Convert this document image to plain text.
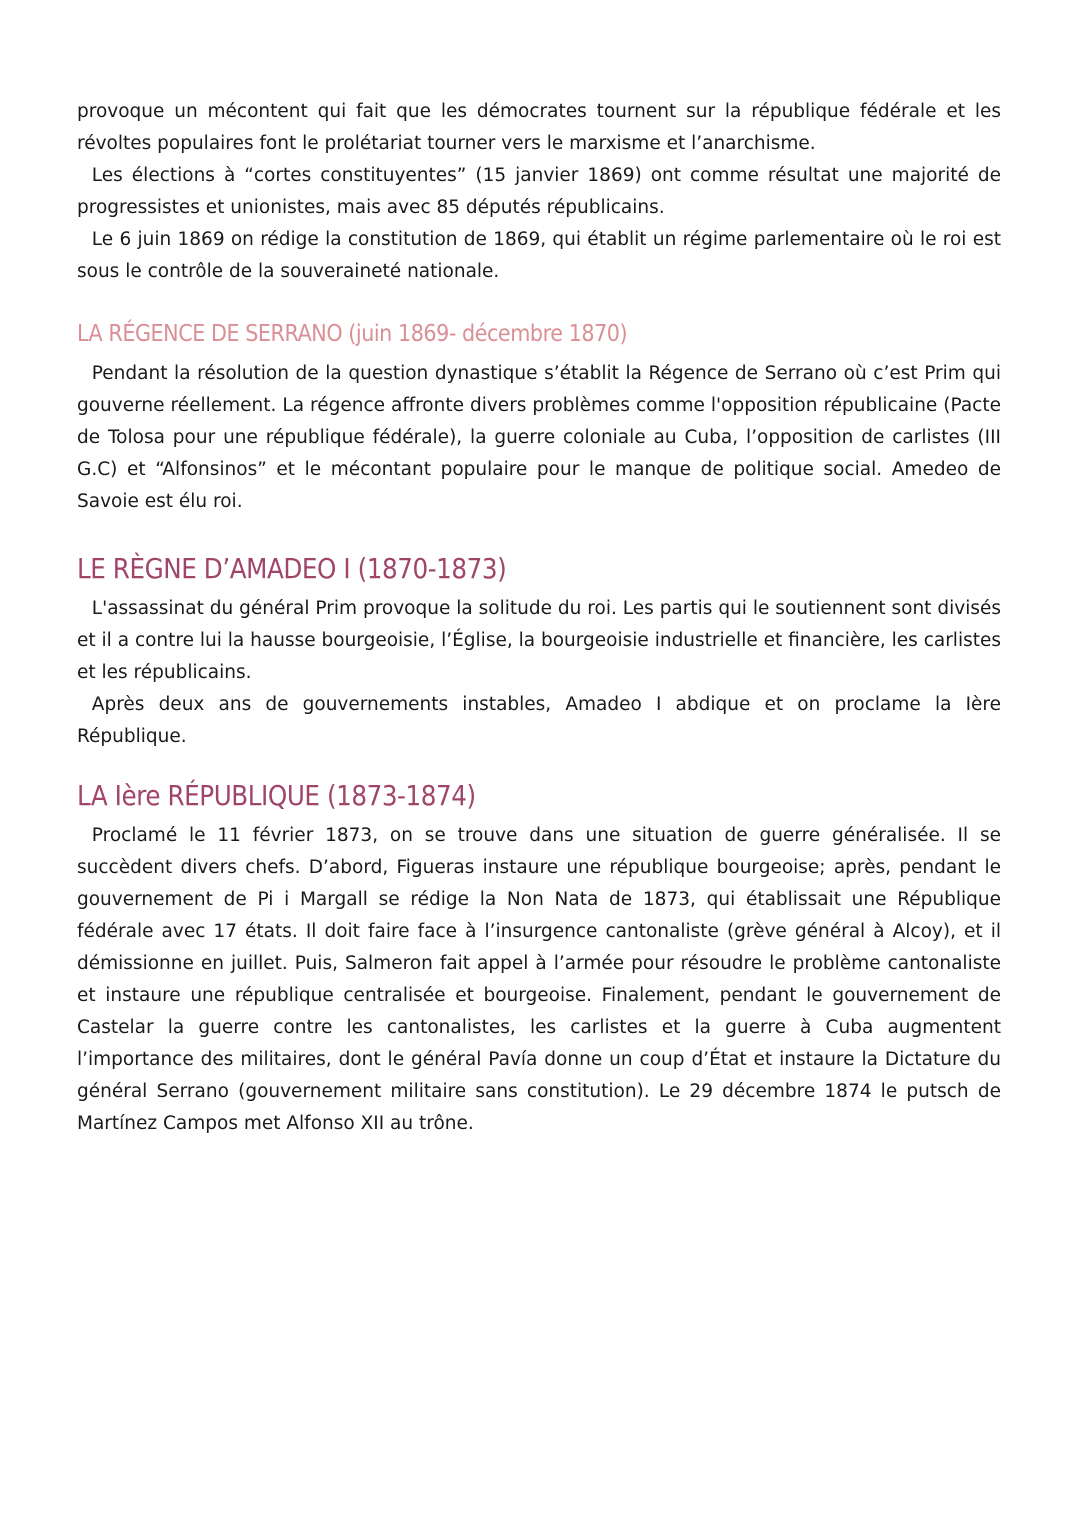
provoque un mécontent qui fait que les démocrates tournent sur la république fédérale et les révoltes populaires font le prolétariat tourner vers le marxisme et l’anarchisme.

Les élections à “cortes constituyentes” (15 janvier 1869) ont comme résultat une majorité de progressistes et unionistes, mais avec 85 députés républicains.

Le 6 juin 1869 on rédige la constitution de 1869, qui établit un régime parlementaire où le roi est sous le contrôle de la souveraineté nationale.

LA RÉGENCE DE SERRANO (juin 1869- décembre 1870)

Pendant la résolution de la question dynastique s’établit la Régence de Serrano où c’est Prim qui gouverne réellement. La régence affronte divers problèmes comme l'opposition républicaine (Pacte de Tolosa pour une république fédérale), la guerre coloniale au Cuba, l’opposition de carlistes (III G.C) et “Alfonsinos” et le mécontant populaire pour le manque de politique social. Amedeo de Savoie est élu roi.

LE RÈGNE D’AMADEO I (1870-1873)

L'assassinat du général Prim provoque la solitude du roi. Les partis qui le soutiennent sont divisés et il a contre lui la hausse bourgeoisie, l’Église, la bourgeoisie industrielle et financière, les carlistes et les républicains.

Après deux ans de gouvernements instables, Amadeo I abdique et on proclame la Ière République.

LA Ière RÉPUBLIQUE (1873-1874)

Proclamé le 11 février 1873, on se trouve dans une situation de guerre généralisée. Il se succèdent divers chefs. D’abord, Figueras instaure une république bourgeoise; après, pendant le gouvernement de Pi i Margall se rédige la Non Nata de 1873, qui établissait une République fédérale avec 17 états. Il doit faire face à l’insurgence cantonaliste (grève général à Alcoy), et il démissionne en juillet. Puis, Salmeron fait appel à l’armée pour résoudre le problème cantonaliste et instaure une république centralisée et bourgeoise. Finalement, pendant le gouvernement de Castelar la guerre contre les cantonalistes, les carlistes et la guerre à Cuba augmentent l’importance des militaires, dont le général Pavía donne un coup d’État et instaure la Dictature du général Serrano (gouvernement militaire sans constitution). Le 29 décembre 1874 le putsch de Martínez Campos met Alfonso XII au trône.
